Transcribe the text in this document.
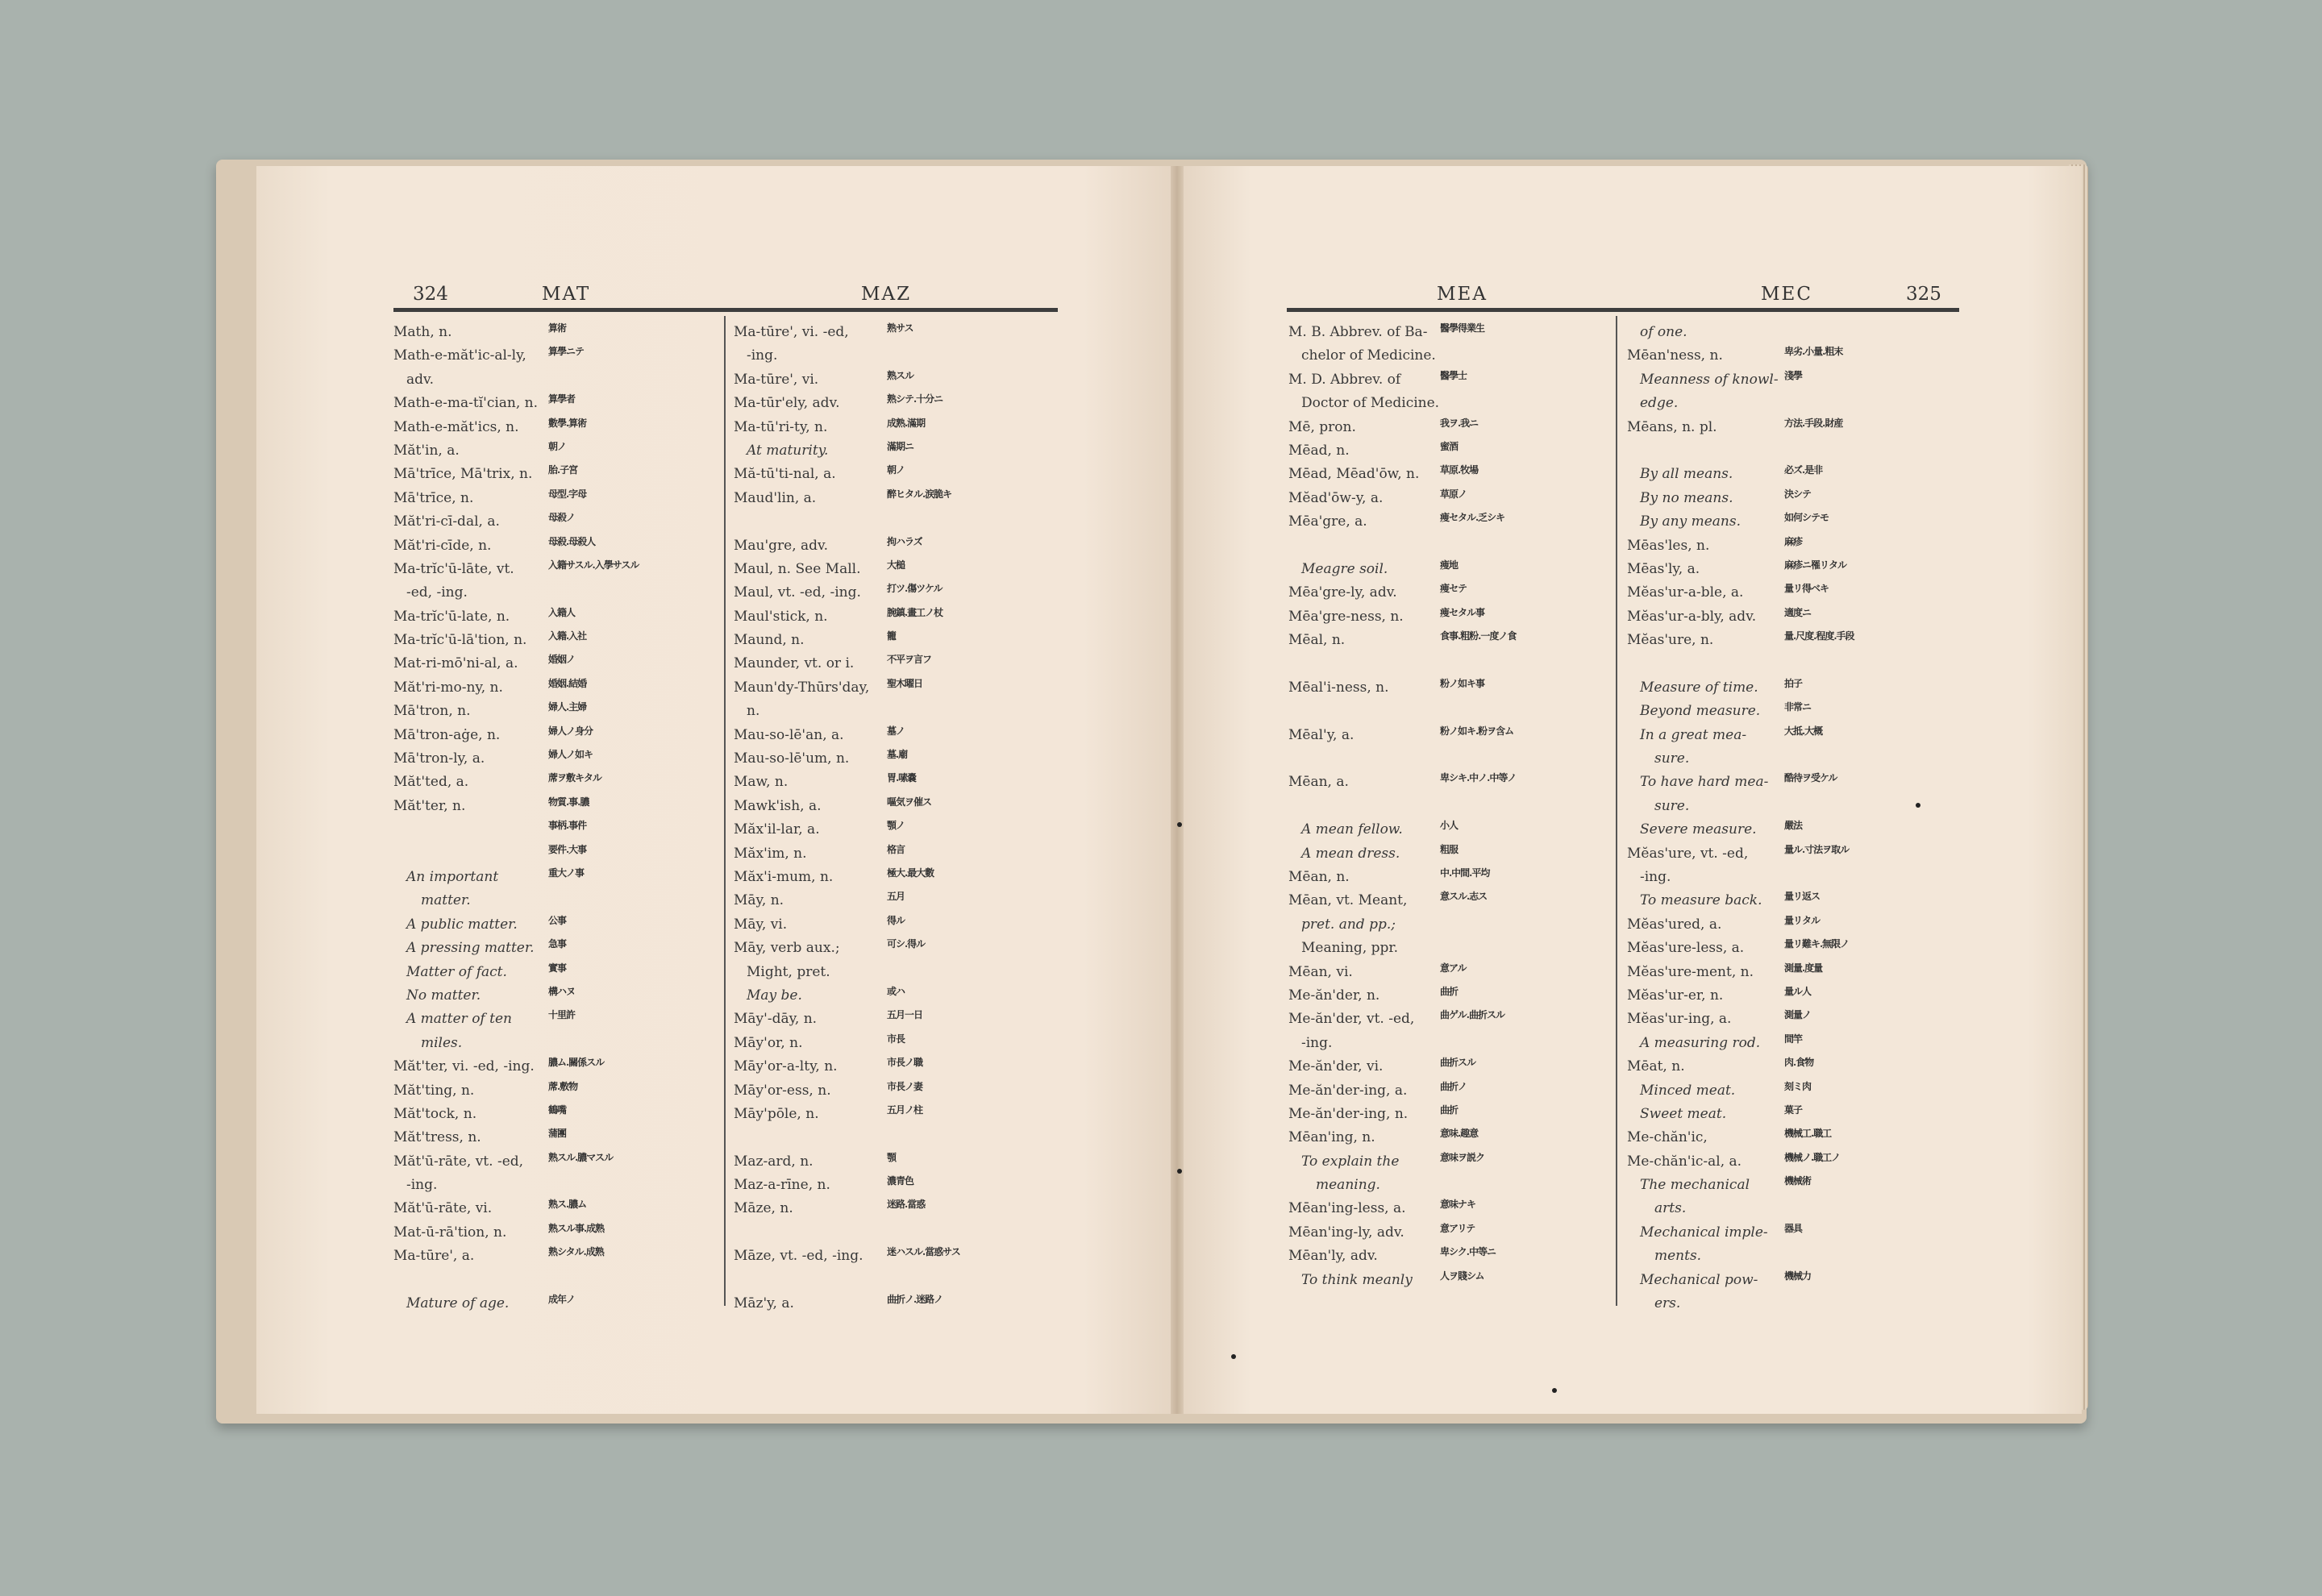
324	MAT	MAZ	MEA	MEC	325
Math, n.	算術
Math-e-măt'ic-al-ly, 算學ニテ
adv.
Math-e-ma-tĭ'cian, n. 算學者
Math-e-măt'ics, n.	數學.算術
Măt'in, a.	朝ノ
Mā'trīce, Mā'trix, n. 胎.子宮
Mā'trīce, n.	母型.字母
Măt'ri-cī-dal, a.	母殺ノ
Măt'ri-cīde, n.	母殺.母殺人
Ma-trĭc'ū-lāte, vt.	入籍サスル.入學サスル
-ed, -ing.
Ma-trĭc'ū-late, n.	入籍人
Ma-trĭc'ū-lā'tion, n. 入籍.入社
Mat-ri-mō'ni-al, a.	婚姻ノ
Măt'ri-mo-ny, n.	婚姻.結婚
Mā'tron, n.	婦人.主婦
Mā'tron-aġe, n.	婦人ノ身分
Mā'tron-ly, a.	婦人ノ如キ
Măt'ted, a.	蓆ヲ敷キタル
Măt'ter, n.	物質.事.膿
事柄.事件
要件.大事
An important	重大ノ事
matter.
A public matter.	公事
A pressing matter. 急事
Matter of fact.	實事
No matter.	構ハヌ
A matter of ten	十里許
miles.
Măt'ter, vi. -ed, -ing. 膿ム.關係スル
Măt'ting, n.	蓆.敷物
Măt'tock, n.	鶴嘴
Măt'tress, n.	蒲團
Măt'ū-rāte, vt. -ed,	熟スル.膿マスル
-ing.
Măt'ū-rāte, vi.	熟ス.膿ム
Mat-ū-rā'tion, n.	熟スル事.成熟
Ma-tūre', a.	熟シタル.成熟
Mature of age.	成年ノ
Ma-tūre', vi. -ed,	熟サス
-ing.
Ma-tūre', vi.	熟スル
Ma-tūr'ely, adv.	熟シテ.十分ニ
Ma-tū'ri-ty, n.	成熟.滿期
At maturity.	滿期ニ
Mă-tū'ti-nal, a.	朝ノ
Maud'lin, a.	醉ヒタル.涙脆キ
Mau'gre, adv.	拘ハラズ
Maul, n. See Mall.	大槌
Maul, vt. -ed, -ing.	打ツ.傷ツケル
Maul'stick, n.	腕鎮.畫工ノ杖
Maund, n.	籠
Maunder, vt. or i.	不平ヲ言フ
Maun'dy-Thūrs'day, 聖木曜日
n.
Mau-so-lē'an, a.	墓ノ
Mau-so-lē'um, n.	墓.廟
Maw, n.	胃.嗉嚢
Mawk'ish, a.	嘔気ヲ催ス
Măx'il-lar, a.	顎ノ
Măx'im, n.	格言
Măx'i-mum, n.	極大.最大數
Māy, n.	五月
Māy, vi.	得ル
Māy, verb aux.;	可シ.得ル
Might, pret.
May be.	或ハ
Māy'-dāy, n.	五月一日
Māy'or, n.	市長
Māy'or-a-lty, n.	市長ノ職
Māy'or-ess, n.	市長ノ妻
Māy'pōle, n.	五月ノ柱
Maz-ard, n.	顎
Maz-a-rīne, n.	濃青色
Māze, n.	迷路.當惑
Māze, vt. -ed, -ing. 迷ハスル.當惑サス
Māz'y, a.	曲折ノ.迷路ノ
M. B. Abbrev. of Ba- 醫學得業生
chelor of Medicine.
M. D. Abbrev. of	醫學士
Doctor of Medicine.
Mē, pron.	我ヲ.我ニ
Mēad, n.	蜜酒
Mēad, Mēad'ōw, n. 草原.牧場
Mĕad'ōw-y, a.	草原ノ
Mēa'gre, a.	痩セタル.乏シキ
Meagre soil.	痩地
Mēa'gre-ly, adv.	痩セテ
Mēa'gre-ness, n.	痩セタル事
Mēal, n.	食事.粗粉.一度ノ食
Mēal'i-ness, n.	粉ノ如キ事
Mēal'y, a.	粉ノ如キ.粉ヲ含ム
Mēan, a.	卑シキ.中ノ.中等ノ
A mean fellow.	小人
A mean dress.	粗服
Mēan, n.	中.中間.平均
Mēan, vt. Meant,	意スル.志ス
pret. and pp.;
Meaning, ppr.
Mēan, vi.	意アル
Me-ăn'der, n.	曲折
Me-ăn'der, vt. -ed,	曲ゲル.曲折スル
-ing.
Me-ăn'der, vi.	曲折スル
Me-ăn'der-ing, a.	曲折ノ
Me-ăn'der-ing, n.	曲折
Mēan'ing, n.	意味.趣意
To explain the	意味ヲ説ク
meaning.
Mēan'ing-less, a.	意味ナキ
Mēan'ing-ly, adv.	意アリテ
Mēan'ly, adv.	卑シク.中等ニ
To think meanly	人ヲ賤シム
of one.
Mēan'ness, n.	卑劣.小量.粗末
Meanness of knowl- 淺學
edge.
Mēans, n. pl.	方法.手段.財産
By all means.	必ズ.是非
By no means.	決シテ
By any means.	如何シテモ
Mēas'les, n.	麻疹
Mēas'ly, a.	麻疹ニ罹リタル
Mĕas'ur-a-ble, a.	量リ得ベキ
Mĕas'ur-a-bly, adv.	適度ニ
Mĕas'ure, n.	量.尺度.程度.手段
Measure of time.	拍子
Beyond measure. 非常ニ
In a great mea-	大抵.大概
sure.
To have hard mea- 酷待ヲ受ケル
sure.
Severe measure.	嚴法
Mĕas'ure, vt. -ed,	量ル.寸法ヲ取ル
-ing.
To measure back. 量リ返ス
Mĕas'ured, a.	量リタル
Mĕas'ure-less, a.	量リ難キ.無限ノ
Mĕas'ure-ment, n.	測量.度量
Mĕas'ur-er, n.	量ル人
Mĕas'ur-ing, a.	測量ノ
A measuring rod. 間竿
Mēat, n.	肉.食物
Minced meat.	刻ミ肉
Sweet meat.	菓子
Me-chăn'ic,	機械工.職工
Me-chăn'ic-al, a.	機械ノ.職工ノ
The mechanical	機械術
arts.
Mechanical imple- 器具
ments.
Mechanical pow-	機械力
ers.
